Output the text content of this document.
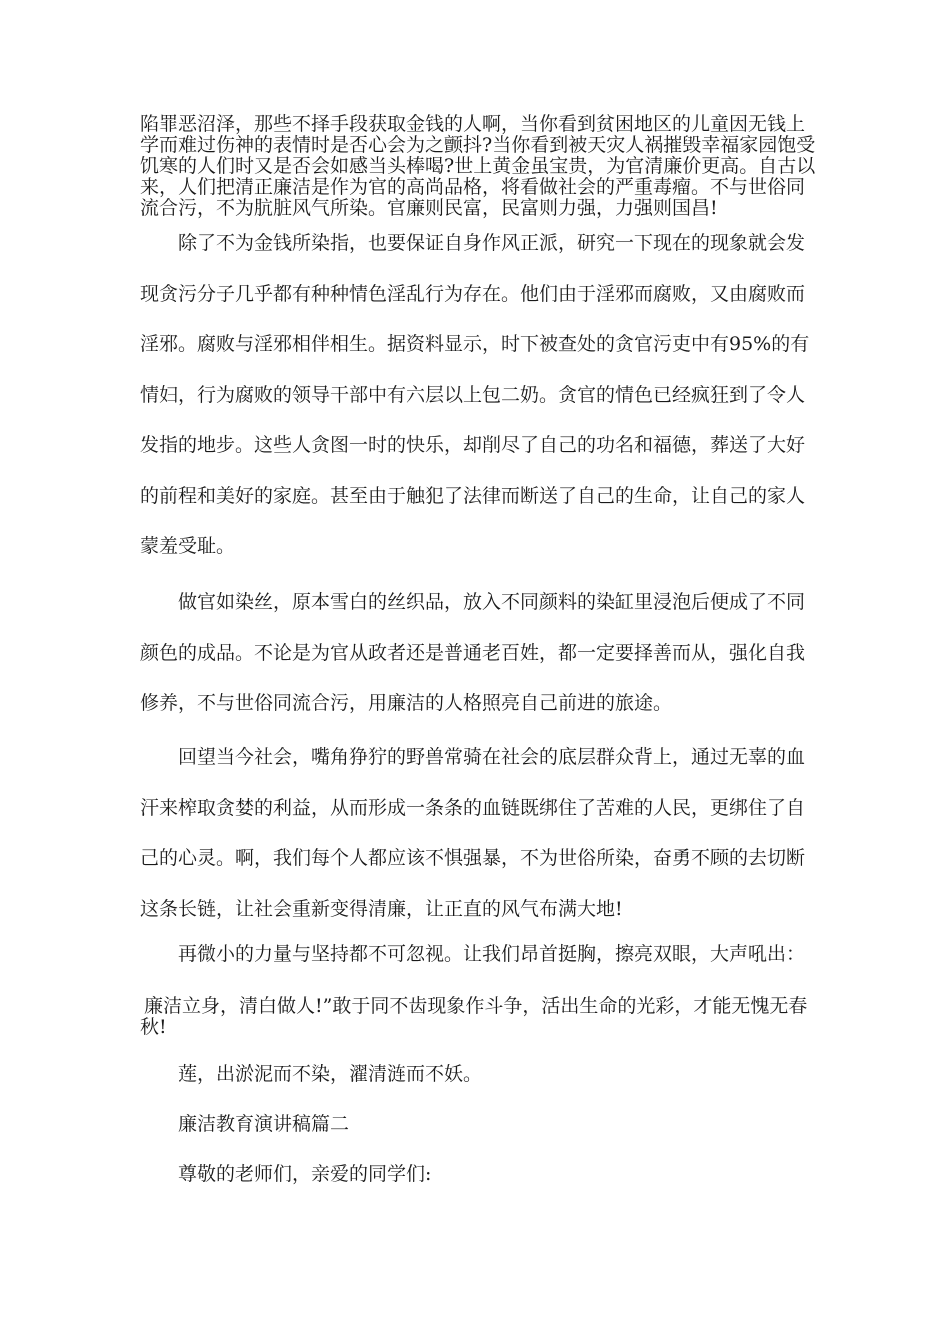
陷罪恶沼泽，那些不择手段获取金钱的人啊，当你看到贫困地区的儿童因无钱上学而难过伤神的表情时是否心会为之颤抖?当你看到被天灾人祸摧毁幸福家园饱受饥寒的人们时又是否会如感当头棒喝?世上黄金虽宝贵，为官清廉价更高。自古以来，人们把清正廉洁是作为官的高尚品格，将看做社会的严重毒瘤。不与世俗同流合污，不为肮脏风气所染。官廉则民富，民富则力强，力强则国昌!

除了不为金钱所染指，也要保证自身作风正派，研究一下现在的现象就会发现贪污分子几乎都有种种情色淫乱行为存在。他们由于淫邪而腐败，又由腐败而淫邪。腐败与淫邪相伴相生。据资料显示，时下被查处的贪官污吏中有95%的有情妇，行为腐败的领导干部中有六层以上包二奶。贪官的情色已经疯狂到了令人发指的地步。这些人贪图一时的快乐，却削尽了自己的功名和福德，葬送了大好的前程和美好的家庭。甚至由于触犯了法律而断送了自己的生命，让自己的家人蒙羞受耻。

做官如染丝，原本雪白的丝织品，放入不同颜料的染缸里浸泡后便成了不同颜色的成品。不论是为官从政者还是普通老百姓，都一定要择善而从，强化自我修养，不与世俗同流合污，用廉洁的人格照亮自己前进的旅途。

回望当今社会，嘴角狰狞的野兽常骑在社会的底层群众背上，通过无辜的血汗来榨取贪婪的利益，从而形成一条条的血链既绑住了苦难的人民，更绑住了自己的心灵。啊，我们每个人都应该不惧强暴，不为世俗所染，奋勇不顾的去切断这条长链，让社会重新变得清廉，让正直的风气布满大地!

再微小的力量与坚持都不可忽视。让我们昂首挺胸，擦亮双眼，大声吼出：

廉洁立身，清白做人!”敢于同不齿现象作斗争，活出生命的光彩，才能无愧无春秋!

莲，出淤泥而不染，濯清涟而不妖。

廉洁教育演讲稿篇二

尊敬的老师们，亲爱的同学们:
